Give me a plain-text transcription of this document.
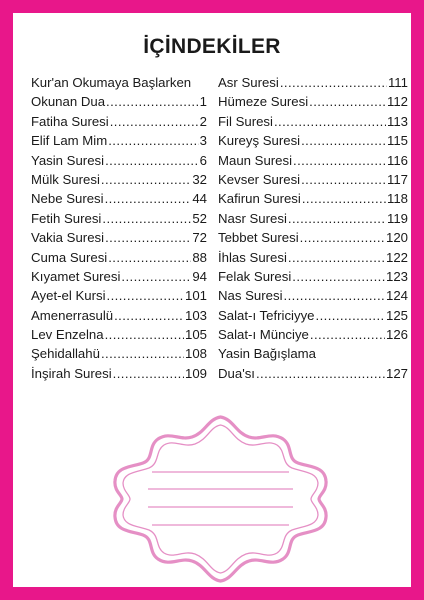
İÇİNDEKİLER
Kur'an Okumaya Başlarken
Okunan Dua .....	1
Fatiha Suresi .....	2
Elif Lam Mim .....	3
Yasin Suresi .....	6
Mülk Suresi .....	32
Nebe Suresi .....	44
Fetih Suresi .....	52
Vakia Suresi .....	72
Cuma Suresi .....	88
Kıyamet Suresi .....	94
Ayet-el Kursi .....	101
Amenerrasulü .....	103
Lev Enzelna .....	105
Şehidallahü .....	108
İnşirah Suresi .....	109
Asr Suresi .....	111
Hümeze Suresi .....	112
Fil Suresi .....	113
Kureyş Suresi .....	115
Maun Suresi .....	116
Kevser Suresi .....	117
Kafirun Suresi .....	118
Nasr Suresi .....	119
Tebbet Suresi .....	120
İhlas Suresi .....	122
Felak Suresi .....	123
Nas Suresi .....	124
Salat-ı Tefriciyye .....	125
Salat-ı Münciye .....	126
Yasin Bağışlama
Dua'sı .....	127
